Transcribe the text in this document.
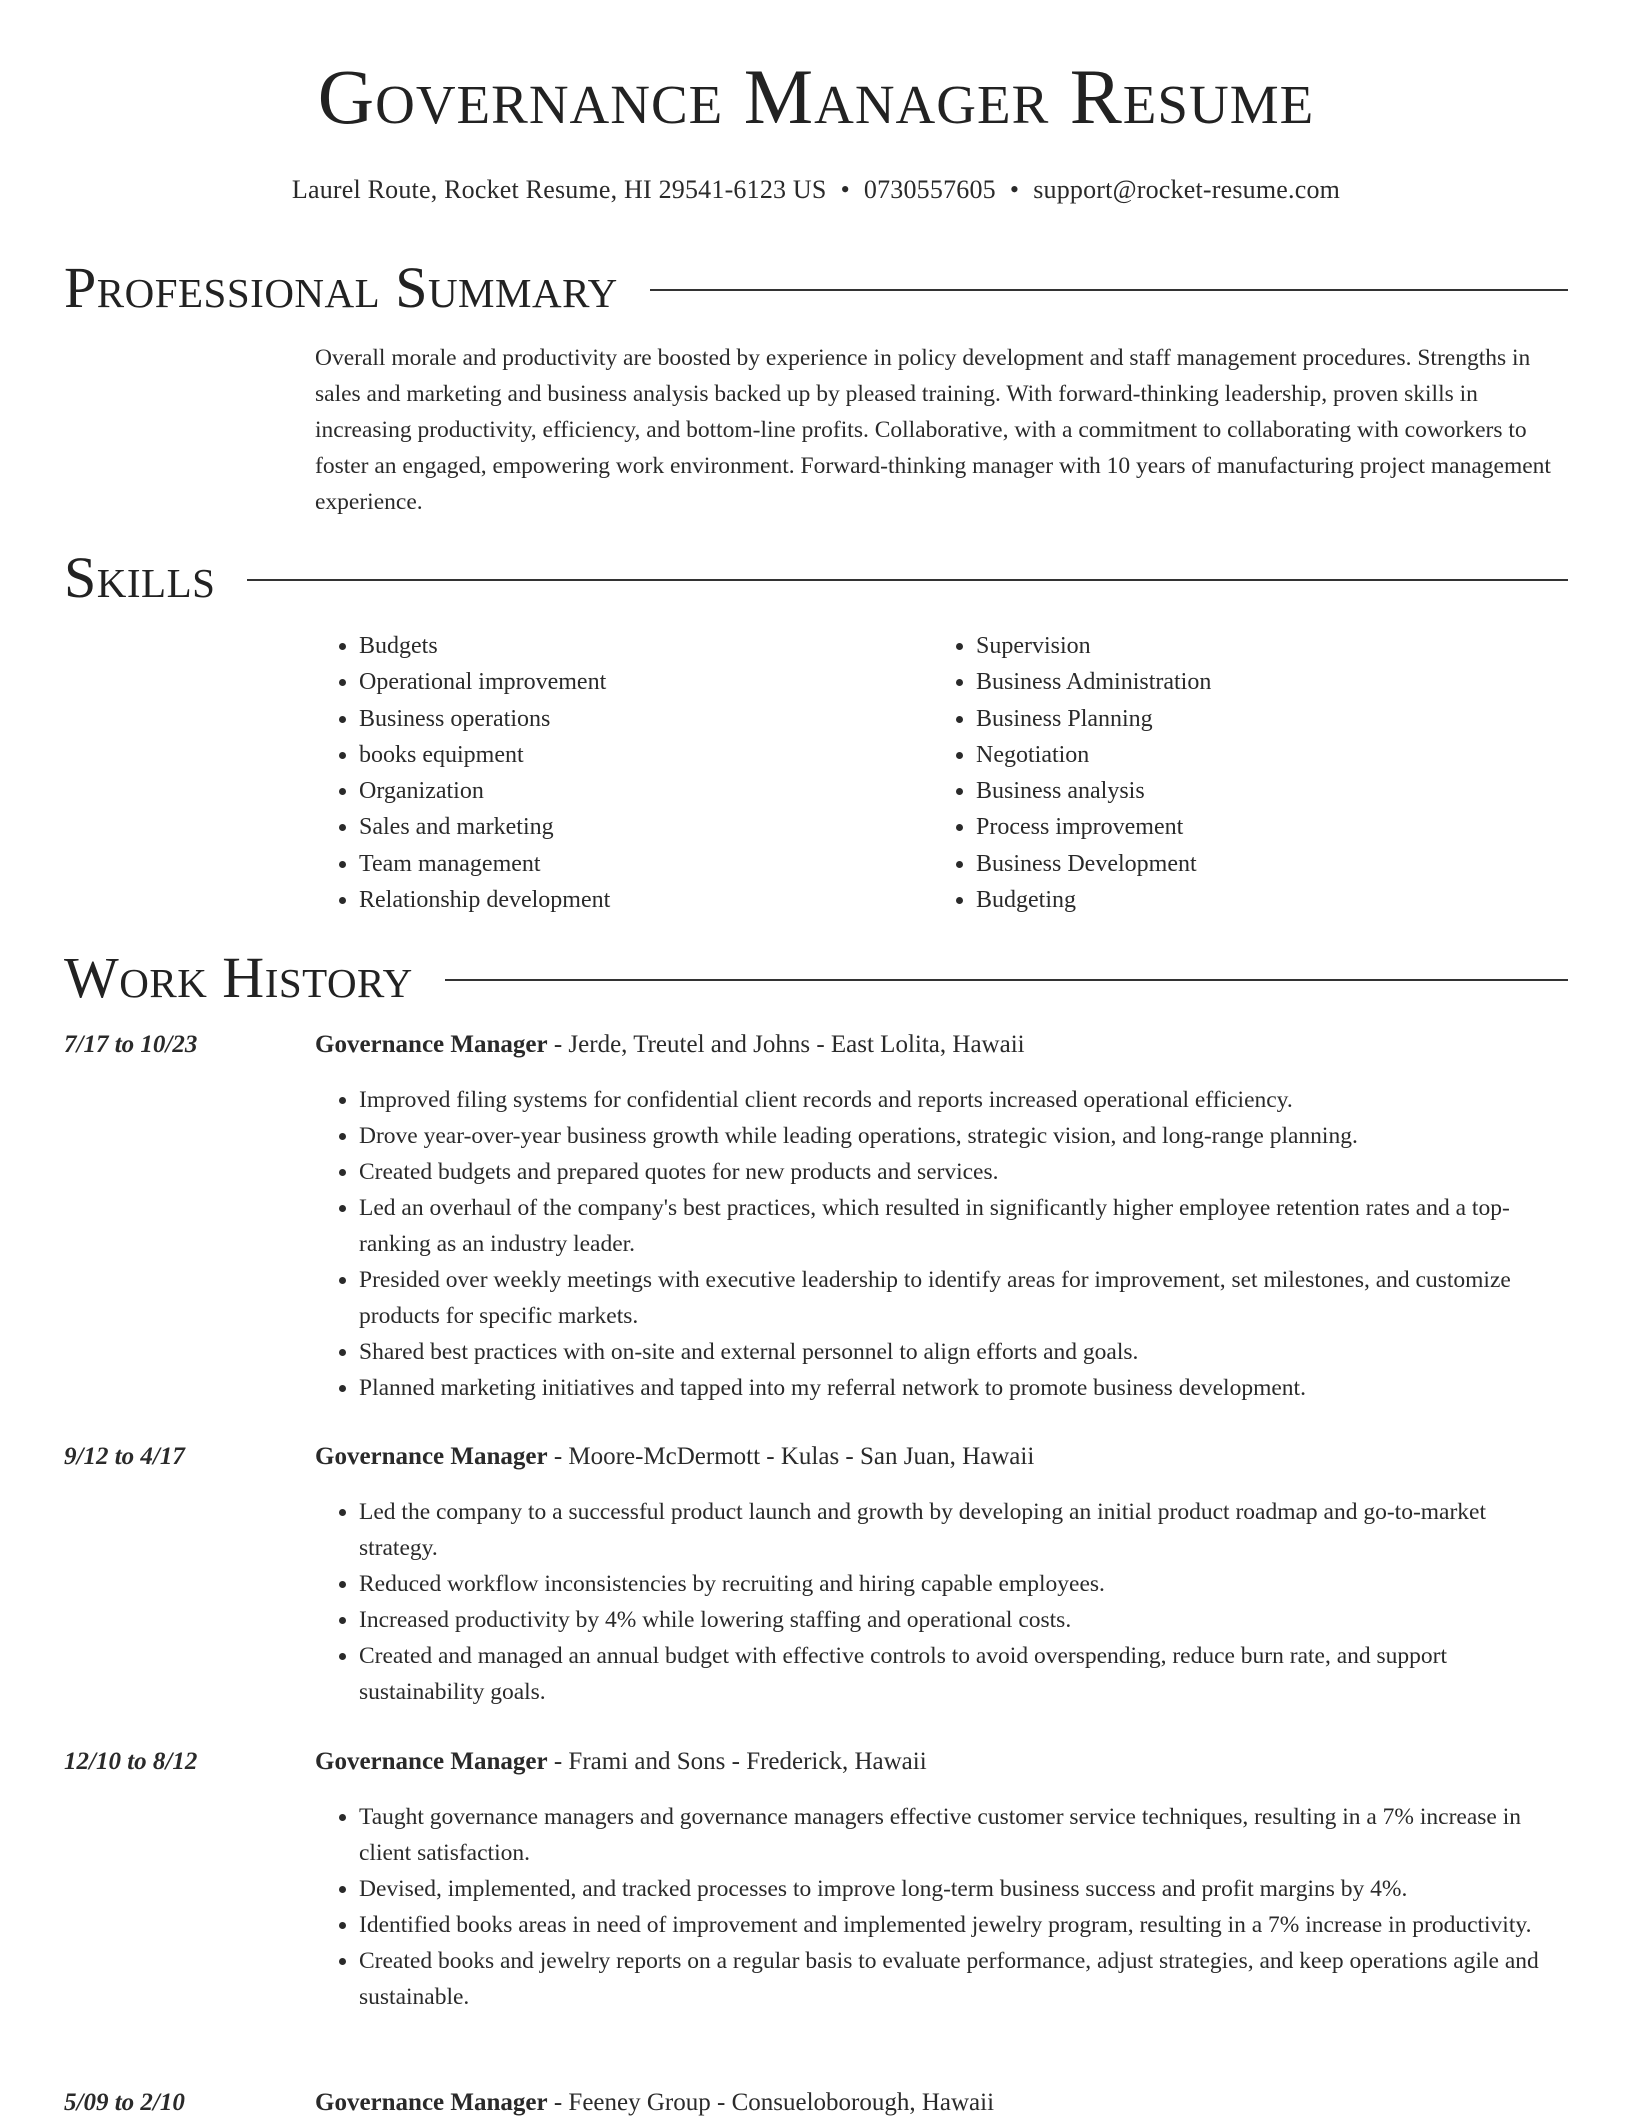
Governance Manager Resume
Laurel Route, Rocket Resume, HI 29541-6123 US • 0730557605 • support@rocket-resume.com
Professional Summary

Overall morale and productivity are boosted by experience in policy development and staff management procedures. Strengths in sales and marketing and business analysis backed up by pleased training. With forward-thinking leadership, proven skills in increasing productivity, efficiency, and bottom-line profits. Collaborative, with a commitment to collaborating with coworkers to foster an engaged, empowering work environment. Forward-thinking manager with 10 years of manufacturing project management experience.

Skills
• Budgets
• Operational improvement
• Business operations
• books equipment
• Organization
• Sales and marketing
• Team management
• Relationship development
• Supervision
• Business Administration
• Business Planning
• Negotiation
• Business analysis
• Process improvement
• Business Development
• Budgeting
Work History
7/17 to 10/23	Governance Manager - Jerde, Treutel and Johns - East Lolita, Hawaii
• Improved filing systems for confidential client records and reports increased operational efficiency.
• Drove year-over-year business growth while leading operations, strategic vision, and long-range planning.
• Created budgets and prepared quotes for new products and services.
• Led an overhaul of the company's best practices, which resulted in significantly higher employee retention rates and a top-ranking as an industry leader.
• Presided over weekly meetings with executive leadership to identify areas for improvement, set milestones, and customize products for specific markets.
• Shared best practices with on-site and external personnel to align efforts and goals.
• Planned marketing initiatives and tapped into my referral network to promote business development.
9/12 to 4/17	Governance Manager - Moore-McDermott - Kulas - San Juan, Hawaii
• Led the company to a successful product launch and growth by developing an initial product roadmap and go-to-market strategy.
• Reduced workflow inconsistencies by recruiting and hiring capable employees.
• Increased productivity by 4% while lowering staffing and operational costs.
• Created and managed an annual budget with effective controls to avoid overspending, reduce burn rate, and support sustainability goals.
12/10 to 8/12	Governance Manager - Frami and Sons - Frederick, Hawaii
• Taught governance managers and governance managers effective customer service techniques, resulting in a 7% increase in client satisfaction.
• Devised, implemented, and tracked processes to improve long-term business success and profit margins by 4%.
• Identified books areas in need of improvement and implemented jewelry program, resulting in a 7% increase in productivity.
• Created books and jewelry reports on a regular basis to evaluate performance, adjust strategies, and keep operations agile and sustainable.
5/09 to 2/10	Governance Manager - Feeney Group - Consueloborough, Hawaii
